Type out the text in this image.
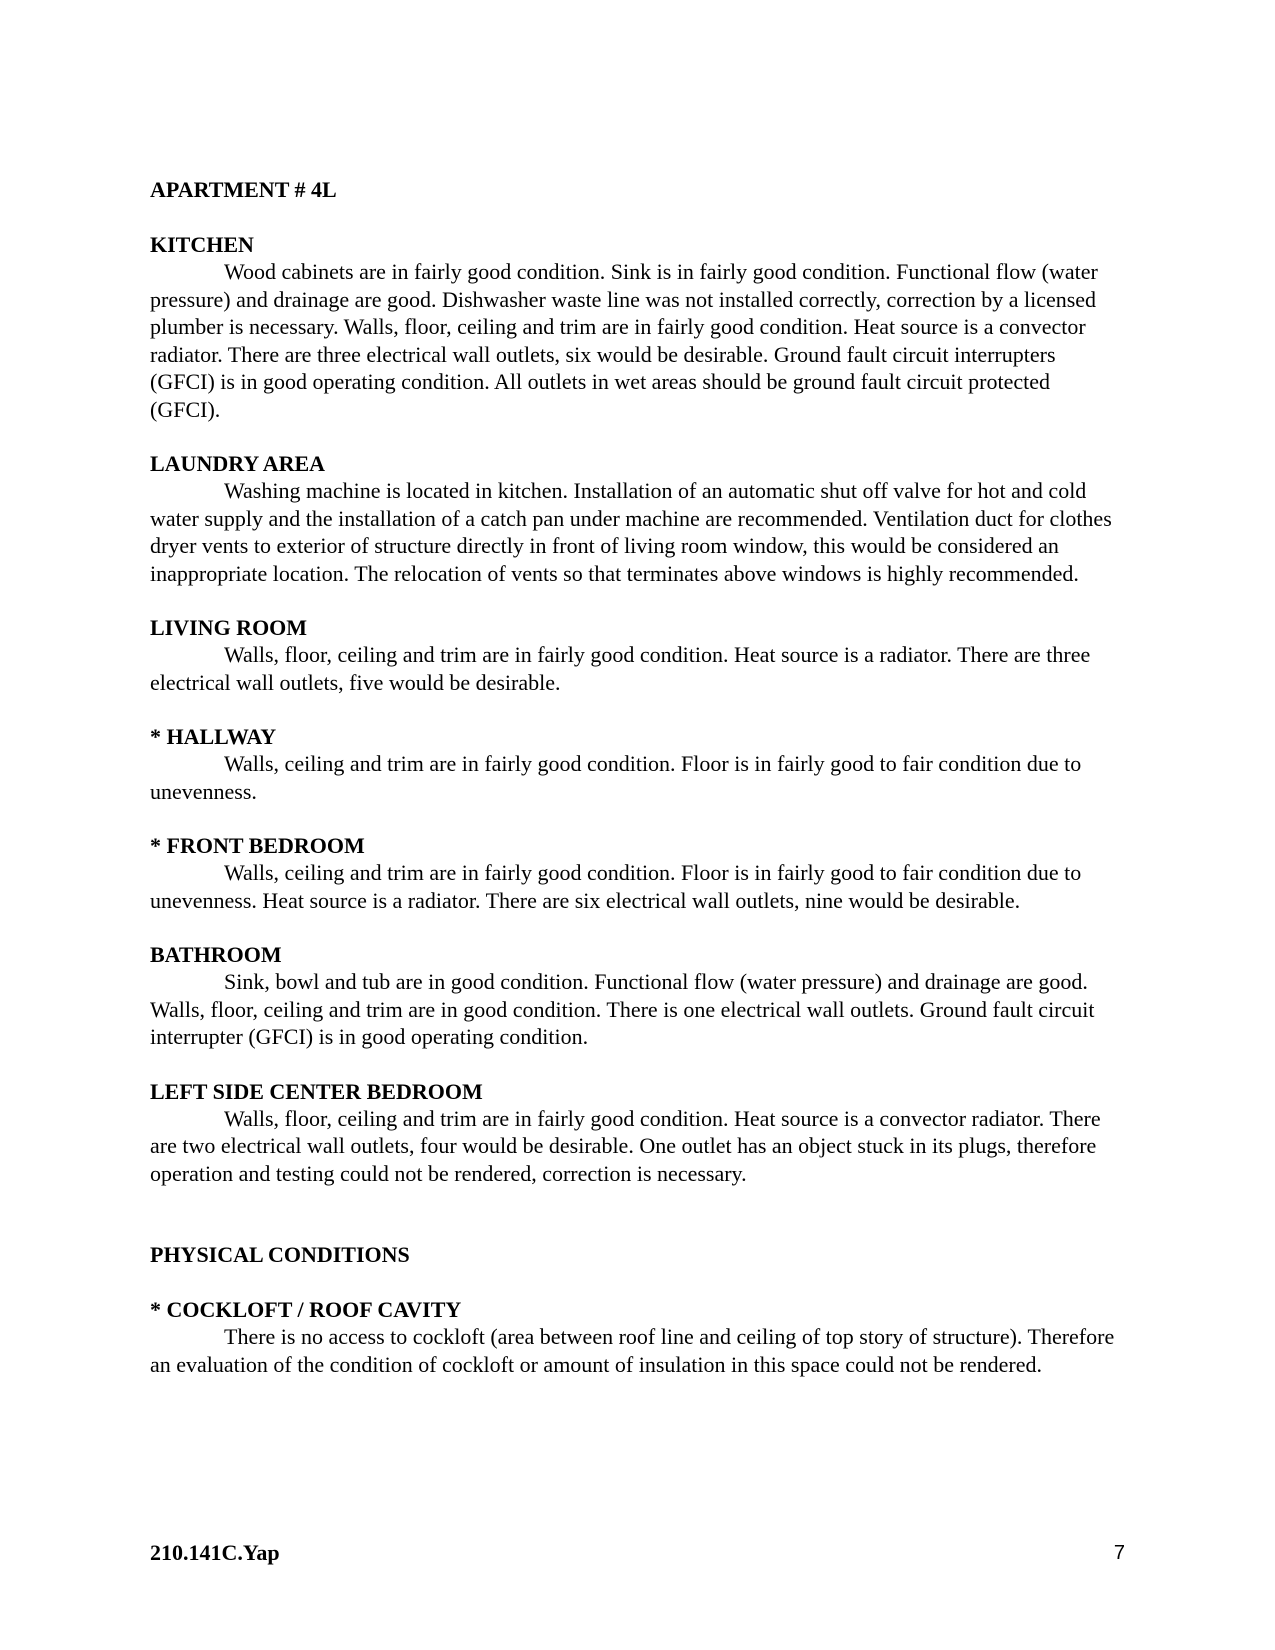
APARTMENT # 4L
KITCHEN

Wood cabinets are in fairly good condition. Sink is in fairly good condition. Functional flow (water pressure) and drainage are good. Dishwasher waste line was not installed correctly, correction by a licensed plumber is necessary. Walls, floor, ceiling and trim are in fairly good condition. Heat source is a convector radiator. There are three electrical wall outlets, six would be desirable. Ground fault circuit interrupters (GFCI) is in good operating condition. All outlets in wet areas should be ground fault circuit protected (GFCI).

LAUNDRY AREA

Washing machine is located in kitchen. Installation of an automatic shut off valve for hot and cold water supply and the installation of a catch pan under machine are recommended. Ventilation duct for clothes dryer vents to exterior of structure directly in front of living room window, this would be considered an inappropriate location. The relocation of vents so that terminates above windows is highly recommended.

LIVING ROOM

Walls, floor, ceiling and trim are in fairly good condition. Heat source is a radiator. There are three electrical wall outlets, five would be desirable.

* HALLWAY

Walls, ceiling and trim are in fairly good condition. Floor is in fairly good to fair condition due to unevenness.

* FRONT BEDROOM

Walls, ceiling and trim are in fairly good condition. Floor is in fairly good to fair condition due to unevenness. Heat source is a radiator. There are six electrical wall outlets, nine would be desirable.

BATHROOM

Sink, bowl and tub are in good condition. Functional flow (water pressure) and drainage are good. Walls, floor, ceiling and trim are in good condition. There is one electrical wall outlets. Ground fault circuit interrupter (GFCI) is in good operating condition.

LEFT SIDE CENTER BEDROOM

Walls, floor, ceiling and trim are in fairly good condition. Heat source is a convector radiator. There are two electrical wall outlets, four would be desirable. One outlet has an object stuck in its plugs, therefore operation and testing could not be rendered, correction is necessary.

PHYSICAL CONDITIONS
* COCKLOFT / ROOF CAVITY

There is no access to cockloft (area between roof line and ceiling of top story of structure). Therefore an evaluation of the condition of cockloft or amount of insulation in this space could not be rendered.

210.141C.Yap	7
